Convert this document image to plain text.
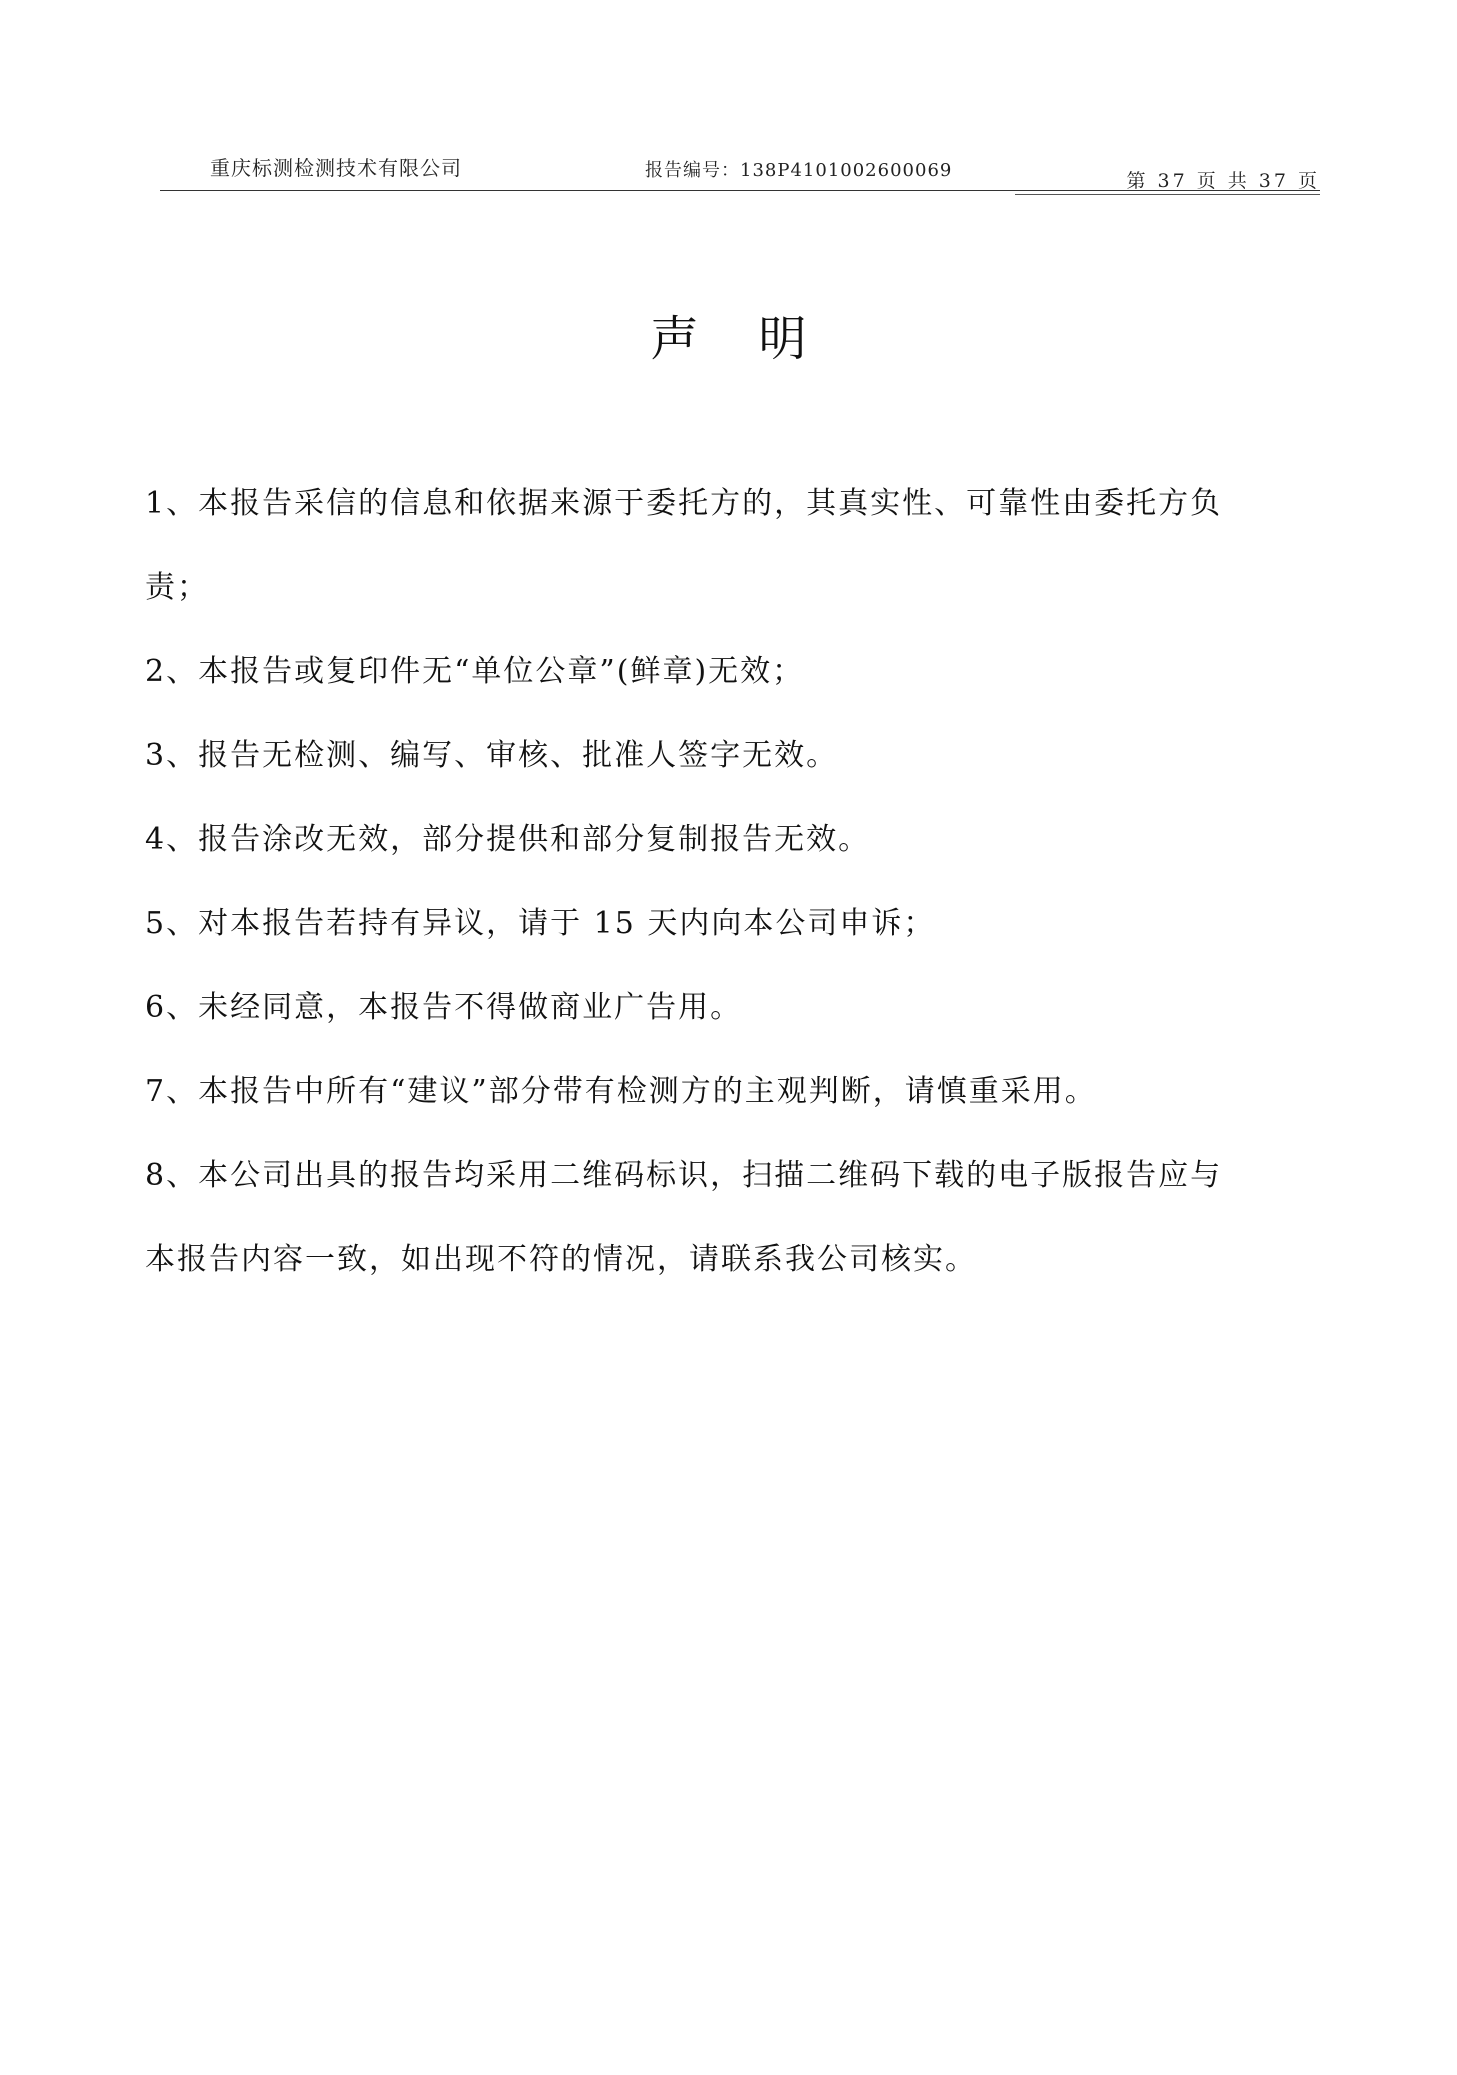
重庆标测检测技术有限公司	报告编号：138P4101002600069	第 37 页 共 37 页
声明
1、本报告采信的信息和依据来源于委托方的，其真实性、可靠性由委托方负
责；
2、本报告或复印件无“单位公章”(鲜章)无效；
3、报告无检测、编写、审核、批准人签字无效。
4、报告涂改无效，部分提供和部分复制报告无效。
5、对本报告若持有异议，请于 15 天内向本公司申诉；
6、未经同意，本报告不得做商业广告用。
7、本报告中所有“建议”部分带有检测方的主观判断，请慎重采用。
8、本公司出具的报告均采用二维码标识，扫描二维码下载的电子版报告应与
本报告内容一致，如出现不符的情况，请联系我公司核实。
